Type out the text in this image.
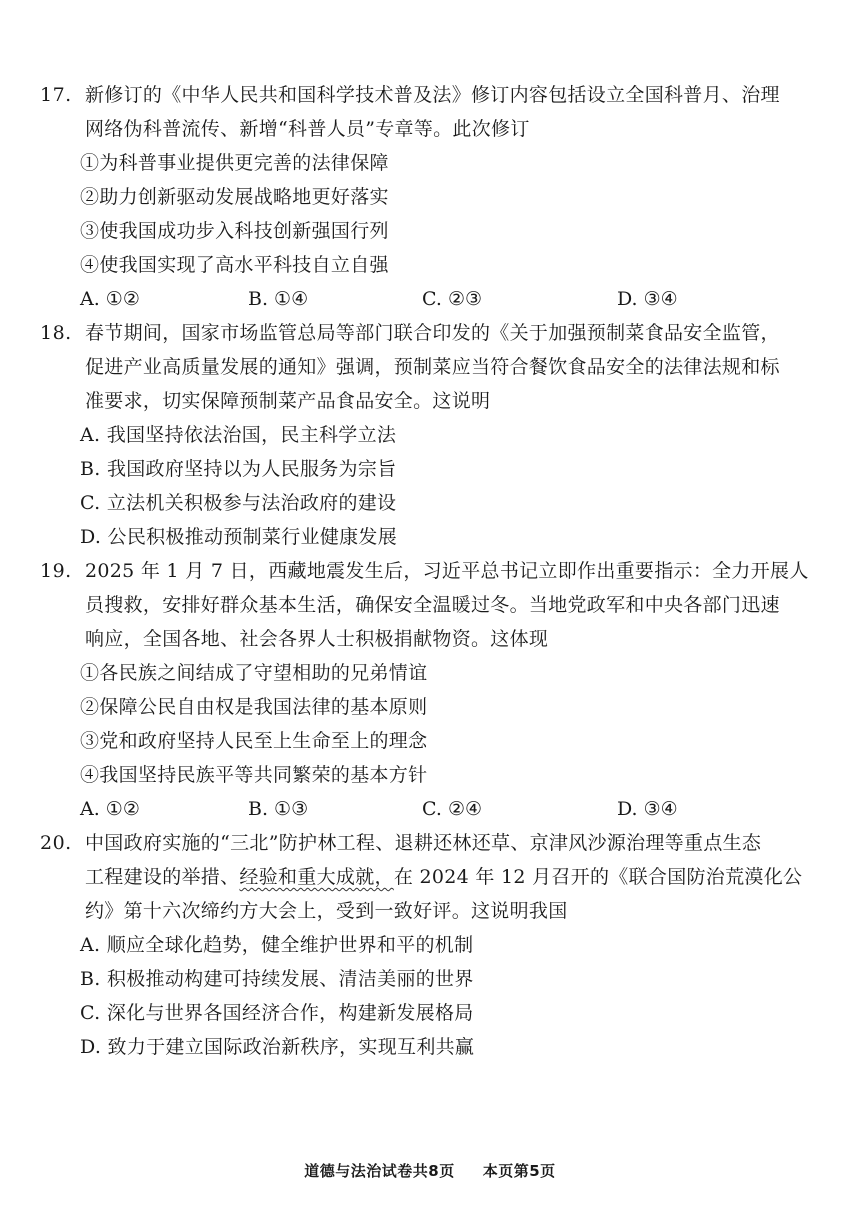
17. 新修订的《中华人民共和国科学技术普及法》修订内容包括设立全国科普月、治理
网络伪科普流传、新增“科普人员”专章等。此次修订
①为科普事业提供更完善的法律保障
②助力创新驱动发展战略地更好落实
③使我国成功步入科技创新强国行列
④使我国实现了高水平科技自立自强
A. ①②	B. ①④	C. ②③	D. ③④
18. 春节期间，国家市场监管总局等部门联合印发的《关于加强预制菜食品安全监管，
促进产业高质量发展的通知》强调，预制菜应当符合餐饮食品安全的法律法规和标
准要求，切实保障预制菜产品食品安全。这说明
A. 我国坚持依法治国，民主科学立法
B. 我国政府坚持以为人民服务为宗旨
C. 立法机关积极参与法治政府的建设
D. 公民积极推动预制菜行业健康发展
19. 2025 年 1 月 7 日，西藏地震发生后，习近平总书记立即作出重要指示：全力开展人
员搜救，安排好群众基本生活，确保安全温暖过冬。当地党政军和中央各部门迅速
响应，全国各地、社会各界人士积极捐献物资。这体现
①各民族之间结成了守望相助的兄弟情谊
②保障公民自由权是我国法律的基本原则
③党和政府坚持人民至上生命至上的理念
④我国坚持民族平等共同繁荣的基本方针
A. ①②	B. ①③	C. ②④	D. ③④
20. 中国政府实施的“三北”防护林工程、退耕还林还草、京津风沙源治理等重点生态
工程建设的举措、经验和重大成就，在 2024 年 12 月召开的《联合国防治荒漠化公
约》第十六次缔约方大会上，受到一致好评。这说明我国
A. 顺应全球化趋势，健全维护世界和平的机制
B. 积极推动构建可持续发展、清洁美丽的世界
C. 深化与世界各国经济合作，构建新发展格局
D. 致力于建立国际政治新秩序，实现互利共赢
道德与法治试卷共8页 本页第5页
